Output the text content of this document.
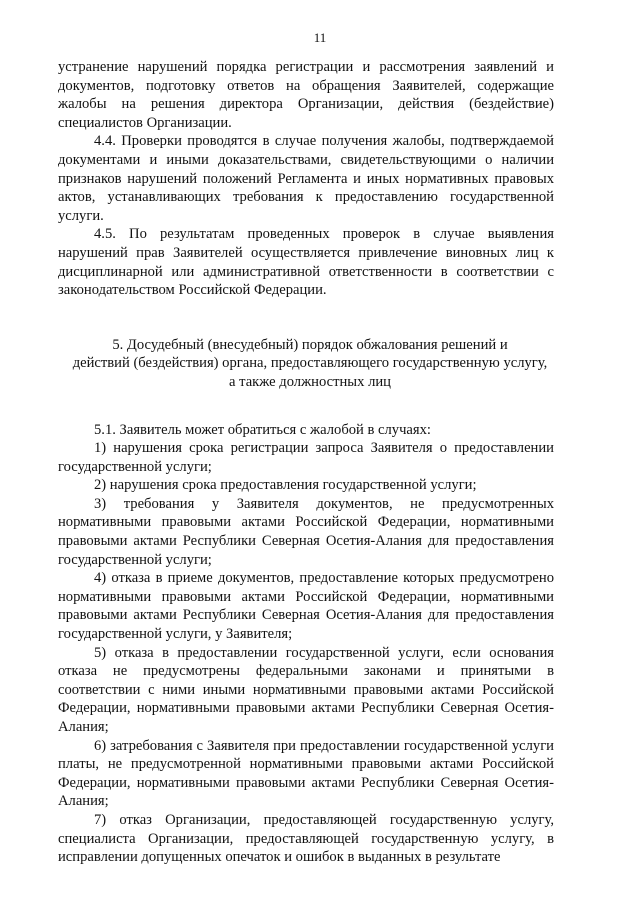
11

устранение нарушений порядка регистрации и рассмотрения заявлений и документов, подготовку ответов на обращения Заявителей, содержащие жалобы на решения директора Организации, действия (бездействие) специалистов Организации.

4.4. Проверки проводятся в случае получения жалобы, подтверждаемой документами и иными доказательствами, свидетельствующими о наличии признаков нарушений положений Регламента и иных нормативных правовых актов, устанавливающих требования к предоставлению государственной услуги.

4.5. По результатам проведенных проверок в случае выявления нарушений прав Заявителей осуществляется привлечение виновных лиц к дисциплинарной или административной ответственности в соответствии с законодательством Российской Федерации.

5. Досудебный (внесудебный) порядок обжалования решений и
действий (бездействия) органа, предоставляющего государственную услугу,
а также должностных лиц

5.1. Заявитель может обратиться с жалобой в случаях:

1) нарушения срока регистрации запроса Заявителя о предоставлении государственной услуги;

2) нарушения срока предоставления государственной услуги;

3) требования у Заявителя документов, не предусмотренных нормативными правовыми актами Российской Федерации, нормативными правовыми актами Республики Северная Осетия-Алания для предоставления государственной услуги;

4) отказа в приеме документов, предоставление которых предусмотрено нормативными правовыми актами Российской Федерации, нормативными правовыми актами Республики Северная Осетия-Алания для предоставления государственной услуги, у Заявителя;

5) отказа в предоставлении государственной услуги, если основания отказа не предусмотрены федеральными законами и принятыми в соответствии с ними иными нормативными правовыми актами Российской Федерации, нормативными правовыми актами Республики Северная Осетия-Алания;

6) затребования с Заявителя при предоставлении государственной услуги платы, не предусмотренной нормативными правовыми актами Российской Федерации, нормативными правовыми актами Республики Северная Осетия-Алания;

7) отказ Организации, предоставляющей государственную услугу, специалиста Организации, предоставляющей государственную услугу, в исправлении допущенных опечаток и ошибок в выданных в результате
